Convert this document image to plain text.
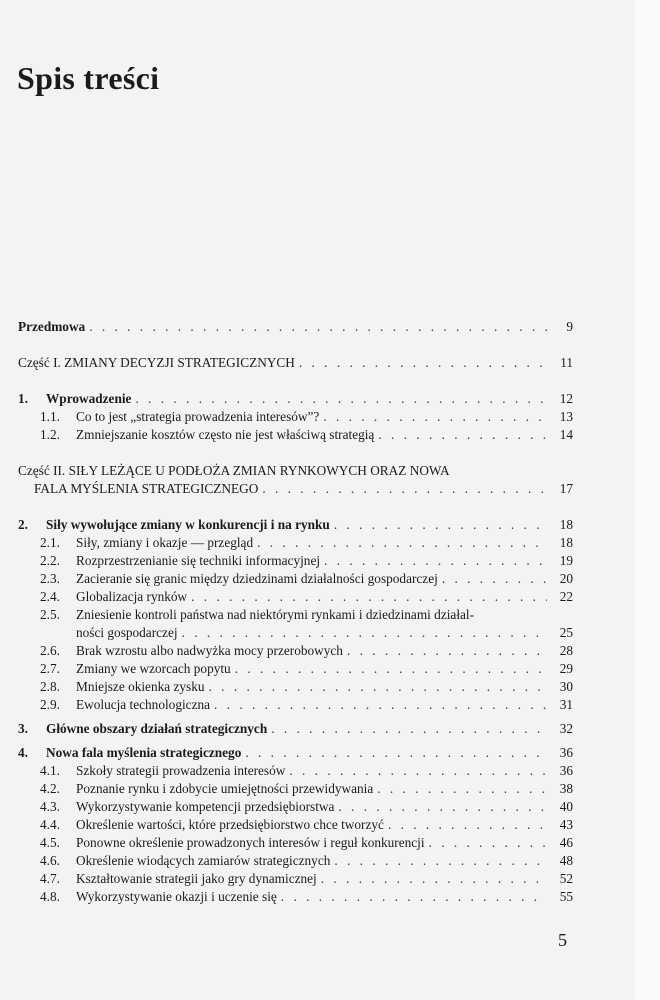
Spis treści
Przedmowa . . .	9
Część I. ZMIANY DECYZJI STRATEGICZNYCH . . .	11
1.	Wprowadzenie . . .	12
1.1.	Co to jest „strategia prowadzenia interesów”? . . .	13
1.2.	Zmniejszanie kosztów często nie jest właściwą strategią . . .	14
Część II. SIŁY LEŻĄCE U PODŁOŻA ZMIAN RYNKOWYCH ORAZ NOWA
FALA MYŚLENIA STRATEGICZNEGO . . .	17
2.	Siły wywołujące zmiany w konkurencji i na rynku . . .	18
2.1.	Siły, zmiany i okazje — przegląd . . .	18
2.2.	Rozprzestrzenianie się techniki informacyjnej . . .	19
2.3.	Zacieranie się granic między dziedzinami działalności gospodarczej . . .	20
2.4.	Globalizacja rynków . . .	22
2.5.	Zniesienie kontroli państwa nad niektórymi rynkami i dziedzinami działal-
ności gospodarczej . . .	25
2.6.	Brak wzrostu albo nadwyżka mocy przerobowych . . .	28
2.7.	Zmiany we wzorcach popytu . . .	29
2.8.	Mniejsze okienka zysku . . .	30
2.9.	Ewolucja technologiczna . . .	31
3.	Główne obszary działań strategicznych . . .	32
4.	Nowa fala myślenia strategicznego . . .	36
4.1.	Szkoły strategii prowadzenia interesów . . .	36
4.2.	Poznanie rynku i zdobycie umiejętności przewidywania . . .	38
4.3.	Wykorzystywanie kompetencji przedsiębiorstwa . . .	40
4.4.	Określenie wartości, które przedsiębiorstwo chce tworzyć . . .	43
4.5.	Ponowne określenie prowadzonych interesów i reguł konkurencji . . .	46
4.6.	Określenie wiodących zamiarów strategicznych . . .	48
4.7.	Kształtowanie strategii jako gry dynamicznej . . .	52
4.8.	Wykorzystywanie okazji i uczenie się . . .	55
5
